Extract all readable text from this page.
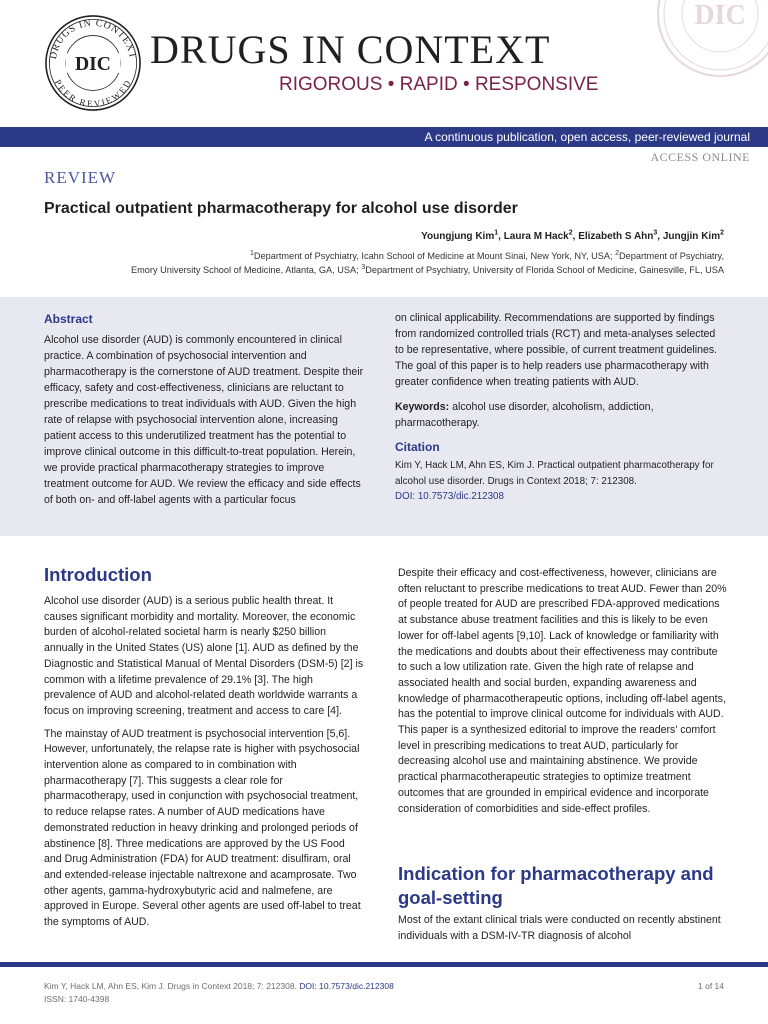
DRUGS IN CONTEXT
PEER REVIEWED
DIC
DIC
DRUGS IN CONTEXT
RIGOROUS • RAPID • RESPONSIVE
A continuous publication, open access, peer-reviewed journal
ACCESS ONLINE
REVIEW
Practical outpatient pharmacotherapy for alcohol use disorder
Youngjung Kim$^1$, Laura M Hack$^2$, Elizabeth S Ahn$^3$, Jungjin Kim$^2$
$^1$Department of Psychiatry, Icahn School of Medicine at Mount Sinai, New York, NY, USA; $^2$Department of Psychiatry,
Emory University School of Medicine, Atlanta, GA, USA; $^3$Department of Psychiatry, University of Florida School of Medicine, Gainesville, FL, USA
Abstract

Alcohol use disorder (AUD) is commonly encountered in clinical practice. A combination of psychosocial intervention and pharmacotherapy is the cornerstone of AUD treatment. Despite their efficacy, safety and cost-effectiveness, clinicians are reluctant to prescribe medications to treat individuals with AUD. Given the high rate of relapse with psychosocial intervention alone, increasing patient access to this underutilized treatment has the potential to improve clinical outcome in this difficult-to-treat population. Herein, we provide practical pharmacotherapy strategies to improve treatment outcome for AUD. We review the efficacy and side effects of both on- and off-label agents with a particular focus

on clinical applicability. Recommendations are supported by findings from randomized controlled trials (RCT) and meta-analyses selected to be representative, where possible, of current treatment guidelines. The goal of this paper is to help readers use pharmacotherapy with greater confidence when treating patients with AUD.

Keywords: alcohol use disorder, alcoholism, addiction, pharmacotherapy.

Citation

Kim Y, Hack LM, Ahn ES, Kim J. Practical outpatient pharmacotherapy for alcohol use disorder. Drugs in Context 2018; 7: 212308.

DOI: 10.7573/dic.212308

Introduction

Alcohol use disorder (AUD) is a serious public health threat. It causes significant morbidity and mortality. Moreover, the economic burden of alcohol-related societal harm is nearly $250 billion annually in the United States (US) alone [1]. AUD as defined by the Diagnostic and Statistical Manual of Mental Disorders (DSM-5) [2] is common with a lifetime prevalence of 29.1% [3]. The high prevalence of AUD and alcohol-related death worldwide warrants a focus on improving screening, treatment and access to care [4].

The mainstay of AUD treatment is psychosocial intervention [5,6]. However, unfortunately, the relapse rate is higher with psychosocial intervention alone as compared to in combination with pharmacotherapy [7]. This suggests a clear role for pharmacotherapy, used in conjunction with psychosocial treatment, to reduce relapse rates. A number of AUD medications have demonstrated reduction in heavy drinking and prolonged periods of abstinence [8]. Three medications are approved by the US Food and Drug Administration (FDA) for AUD treatment: disulfiram, oral and extended-release injectable naltrexone and acamprosate. Two other agents, gamma-hydroxybutyric acid and nalmefene, are approved in Europe. Several other agents are used off-label to treat the symptoms of AUD.

Despite their efficacy and cost-effectiveness, however, clinicians are often reluctant to prescribe medications to treat AUD. Fewer than 20% of people treated for AUD are prescribed FDA-approved medications at substance abuse treatment facilities and this is likely to be even lower for off-label agents [9,10]. Lack of knowledge or familiarity with the medications and doubts about their effectiveness may contribute to such a low utilization rate. Given the high rate of relapse and associated health and social burden, expanding awareness and knowledge of pharmacotherapeutic options, including off-label agents, has the potential to improve clinical outcome for individuals with AUD. This paper is a synthesized editorial to improve the readers’ comfort level in prescribing medications to treat AUD, particularly for decreasing alcohol use and maintaining abstinence. We provide practical pharmacotherapeutic strategies to optimize treatment outcomes that are grounded in empirical evidence and incorporate consideration of comorbidities and side-effect profiles.

Indication for pharmacotherapy and goal-setting

Most of the extant clinical trials were conducted on recently abstinent individuals with a DSM-IV-TR diagnosis of alcohol

Kim Y, Hack LM, Ahn ES, Kim J. Drugs in Context 2018; 7: 212308. DOI: 10.7573/dic.212308
ISSN: 1740-4398
1 of 14
